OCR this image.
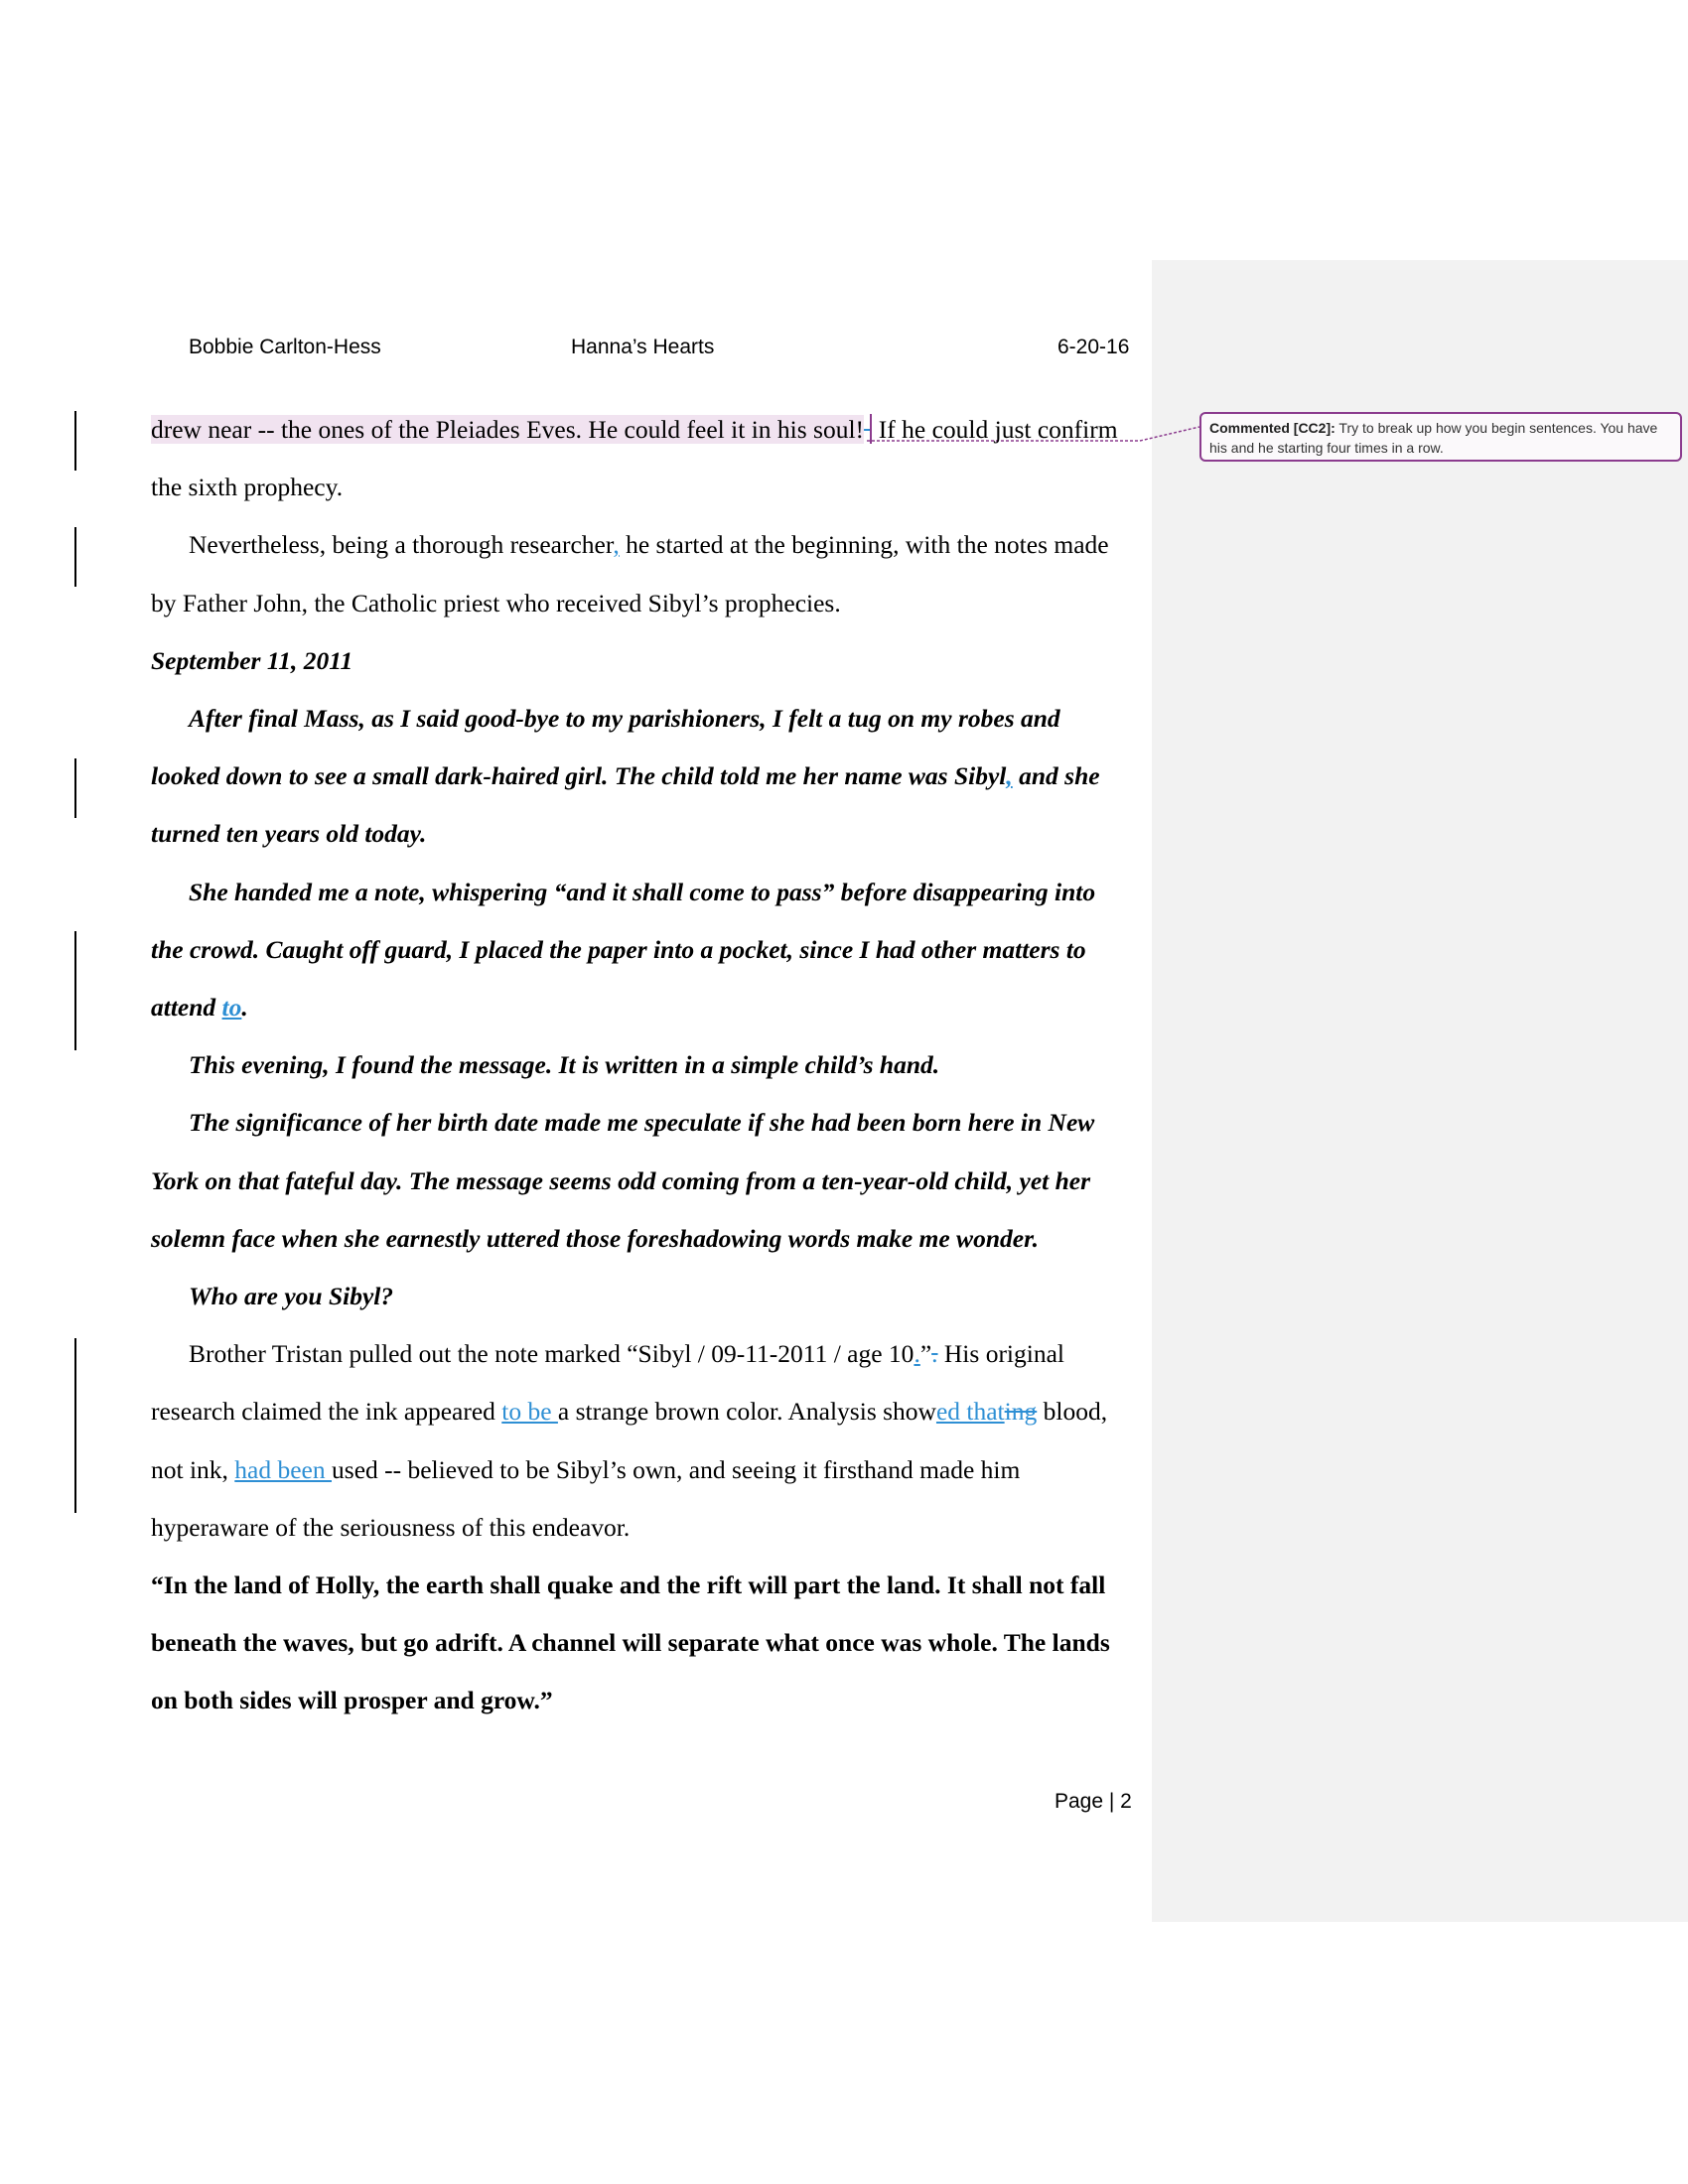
Bobbie Carlton-Hess	Hanna’s Hearts	6-20-16
Commented [CC2]: Try to break up how you begin sentences. You have his and he starting four times in a row.

drew near -- the ones of the Pleiades Eves. He could feel it in his soul!  If he could just confirm the sixth prophecy.

Nevertheless, being a thorough researcher, he started at the beginning, with the notes made by Father John, the Catholic priest who received Sibyl’s prophecies.

September 11, 2011

After final Mass, as I said good-bye to my parishioners, I felt a tug on my robes and looked down to see a small dark-haired girl. The child told me her name was Sibyl, and she turned ten years old today.

She handed me a note, whispering “and it shall come to pass” before disappearing into the crowd. Caught off guard, I placed the paper into a pocket, since I had other matters to attend to.

This evening, I found the message. It is written in a simple child’s hand.

The significance of her birth date made me speculate if she had been born here in New York on that fateful day. The message seems odd coming from a ten-year-old child, yet her solemn face when she earnestly uttered those foreshadowing words make me wonder.

Who are you Sibyl?

Brother Tristan pulled out the note marked “Sibyl / 09-11-2011 / age 10.”. His original research claimed the ink appeared to be a strange brown color. Analysis showed thating blood, not ink, had been used -- believed to be Sibyl’s own, and seeing it firsthand made him hyperaware of the seriousness of this endeavor.

“In the land of Holly, the earth shall quake and the rift will part the land. It shall not fall beneath the waves, but go adrift. A channel will separate what once was whole. The lands on both sides will prosper and grow.”

Page | 2
